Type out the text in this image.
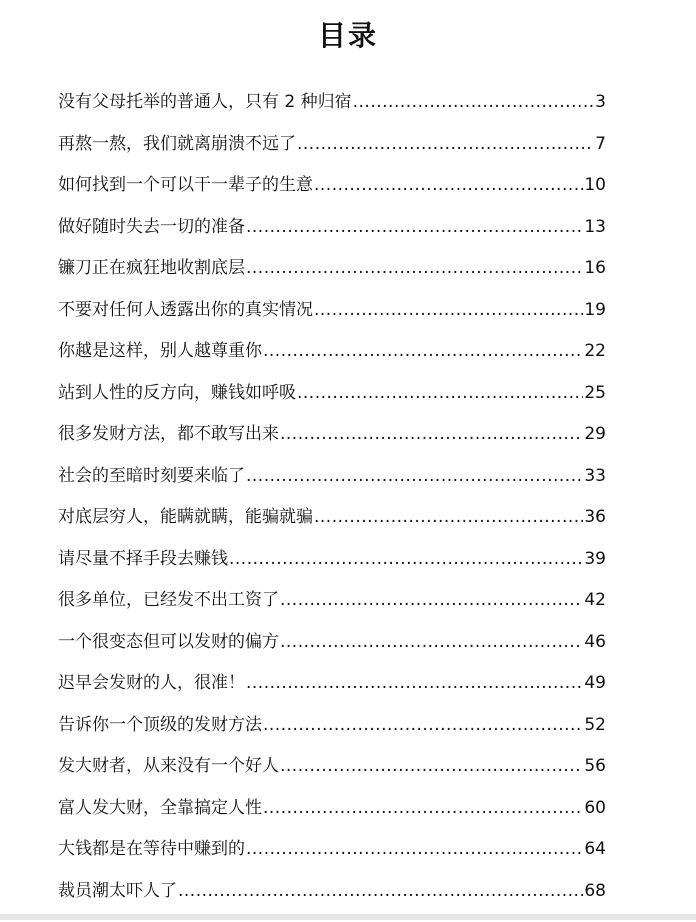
目录
没有父母托举的普通人，只有 2 种归宿 .....	3
再熬一熬，我们就离崩溃不远了 .....	7
如何找到一个可以干一辈子的生意 .....	10
做好随时失去一切的准备 .....	13
镰刀正在疯狂地收割底层 .....	16
不要对任何人透露出你的真实情况 .....	19
你越是这样，别人越尊重你 .....	22
站到人性的反方向，赚钱如呼吸 .....	25
很多发财方法，都不敢写出来 .....	29
社会的至暗时刻要来临了 .....	33
对底层穷人，能瞒就瞒，能骗就骗 .....	36
请尽量不择手段去赚钱 .....	39
很多单位，已经发不出工资了 .....	42
一个很变态但可以发财的偏方 .....	46
迟早会发财的人，很准！ .....	49
告诉你一个顶级的发财方法 .....	52
发大财者，从来没有一个好人 .....	56
富人发大财，全靠搞定人性 .....	60
大钱都是在等待中赚到的 .....	64
裁员潮太吓人了 .....	68
